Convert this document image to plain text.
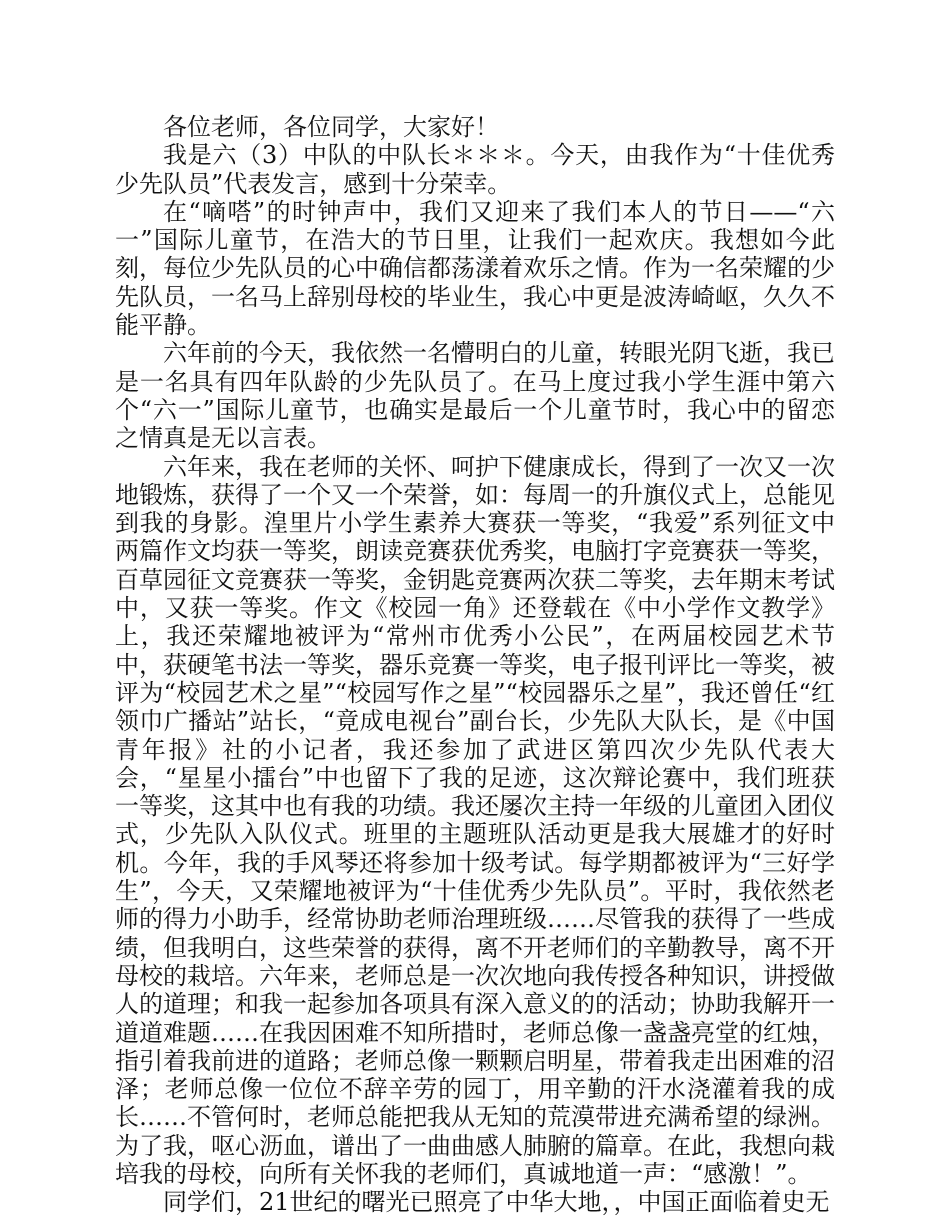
各位老师，各位同学，大家好！

我是六（3）中队的中队长＊＊＊。今天，由我作为“十佳优秀少先队员”代表发言，感到十分荣幸。

在“嘀嗒”的时钟声中，我们又迎来了我们本人的节日——“六一”国际儿童节，在浩大的节日里，让我们一起欢庆。我想如今此刻，每位少先队员的心中确信都荡漾着欢乐之情。作为一名荣耀的少先队员，一名马上辞别母校的毕业生，我心中更是波涛崎岖，久久不能平静。

六年前的今天，我依然一名懵明白的儿童，转眼光阴飞逝，我已是一名具有四年队龄的少先队员了。在马上度过我小学生涯中第六个“六一”国际儿童节，也确实是最后一个儿童节时，我心中的留恋之情真是无以言表。

六年来，我在老师的关怀、呵护下健康成长，得到了一次又一次地锻炼，获得了一个又一个荣誉，如：每周一的升旗仪式上，总能见到我的身影。湟里片小学生素养大赛获一等奖，“我爱”系列征文中两篇作文均获一等奖，朗读竞赛获优秀奖，电脑打字竞赛获一等奖，百草园征文竞赛获一等奖，金钥匙竞赛两次获二等奖，去年期末考试中，又获一等奖。作文《校园一角》还登载在《中小学作文教学》上，我还荣耀地被评为“常州市优秀小公民”，在两届校园艺术节中，获硬笔书法一等奖，器乐竞赛一等奖，电子报刊评比一等奖，被评为“校园艺术之星”“校园写作之星”“校园器乐之星”，我还曾任“红领巾广播站”站长，“竟成电视台”副台长，少先队大队长，是《中国青年报》社的小记者，我还参加了武进区第四次少先队代表大会，“星星小擂台”中也留下了我的足迹，这次辩论赛中，我们班获一等奖，这其中也有我的功绩。我还屡次主持一年级的儿童团入团仪式，少先队入队仪式。班里的主题班队活动更是我大展雄才的好时机。今年，我的手风琴还将参加十级考试。每学期都被评为“三好学生”，今天，又荣耀地被评为“十佳优秀少先队员”。平时，我依然老师的得力小助手，经常协助老师治理班级……尽管我的获得了一些成绩，但我明白，这些荣誉的获得，离不开老师们的辛勤教导，离不开母校的栽培。六年来，老师总是一次次地向我传授各种知识，讲授做人的道理；和我一起参加各项具有深入意义的的活动；协助我解开一道道难题……在我因困难不知所措时，老师总像一盏盏亮堂的红烛，指引着我前进的道路；老师总像一颗颗启明星，带着我走出困难的沼泽；老师总像一位位不辞辛劳的园丁，用辛勤的汗水浇灌着我的成长……不管何时，老师总能把我从无知的荒漠带进充满希望的绿洲。为了我，呕心沥血，谱出了一曲曲感人肺腑的篇章。在此，我想向栽培我的母校，向所有关怀我的老师们，真诚地道一声：“感激！”。

同学们，21世纪的曙光已照亮了中华大地，，中国正面临着史无
